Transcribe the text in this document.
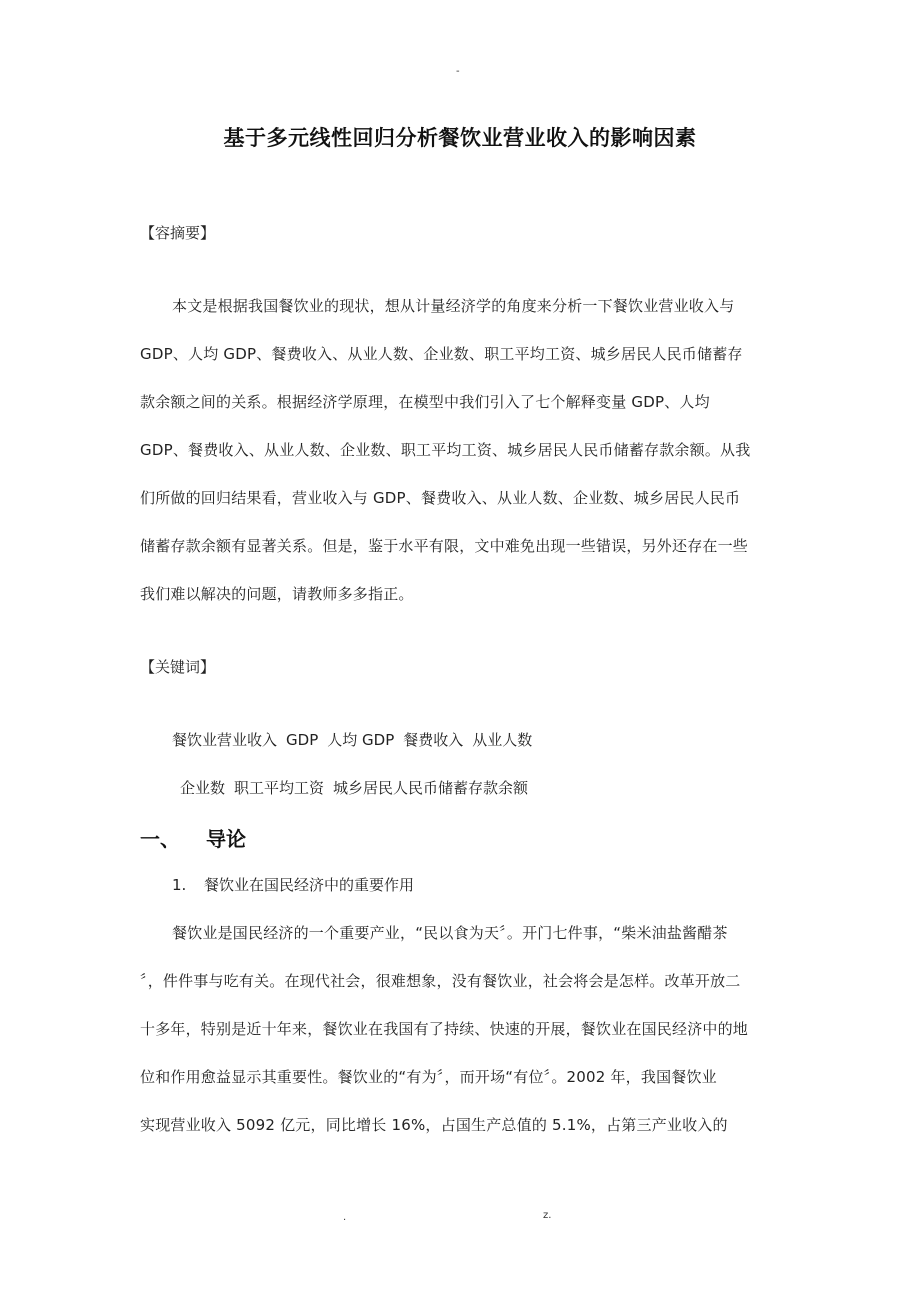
-
基于多元线性回归分析餐饮业营业收入的影响因素
【容摘要】
本文是根据我国餐饮业的现状，想从计量经济学的角度来分析一下餐饮业营业收入与
GDP、人均 GDP、餐费收入、从业人数、企业数、职工平均工资、城乡居民人民币储蓄存
款余额之间的关系。根据经济学原理，在模型中我们引入了七个解释变量 GDP、人均
GDP、餐费收入、从业人数、企业数、职工平均工资、城乡居民人民币储蓄存款余额。从我
们所做的回归结果看，营业收入与 GDP、餐费收入、从业人数、企业数、城乡居民人民币
储蓄存款余额有显著关系。但是，鉴于水平有限，文中难免出现一些错误，另外还存在一些
我们难以解决的问题，请教师多多指正。
【关键词】
餐饮业营业收入 GDP 人均 GDP 餐费收入 从业人数
企业数 职工平均工资 城乡居民人民币储蓄存款余额
一、 导论
1. 餐饮业在国民经济中的重要作用
餐饮业是国民经济的一个重要产业，“民以食为天〞。开门七件事，“柴米油盐酱醋茶
〞，件件事与吃有关。在现代社会，很难想象，没有餐饮业，社会将会是怎样。改革开放二
十多年，特别是近十年来，餐饮业在我国有了持续、快速的开展，餐饮业在国民经济中的地
位和作用愈益显示其重要性。餐饮业的“有为〞，而开场“有位〞。2002 年，我国餐饮业
实现营业收入 5092 亿元，同比增长 16%，占国生产总值的 5.1%，占第三产业收入的
.	z.
